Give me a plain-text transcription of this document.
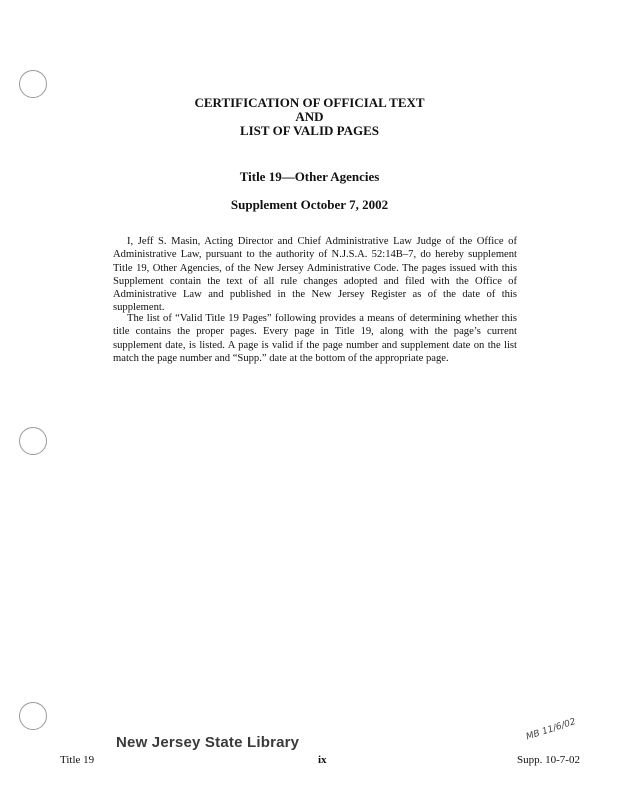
CERTIFICATION OF OFFICIAL TEXT
AND
LIST OF VALID PAGES
Title 19—Other Agencies
Supplement October 7, 2002

I, Jeff S. Masin, Acting Director and Chief Administrative Law Judge of the Office of Administrative Law, pursuant to the authority of N.J.S.A. 52:14B–7, do hereby supplement Title 19, Other Agencies, of the New Jersey Administrative Code. The pages issued with this Supplement contain the text of all rule changes adopted and filed with the Office of Administrative Law and published in the New Jersey Register as of the date of this supplement.

The list of “Valid Title 19 Pages” following provides a means of determining whether this title contains the proper pages. Every page in Title 19, along with the page’s current supplement date, is listed. A page is valid if the page number and supplement date on the list match the page number and “Supp.” date at the bottom of the appropriate page.

New Jersey State Library	MB 11/6/02
Title 19	ix	Supp. 10-7-02
